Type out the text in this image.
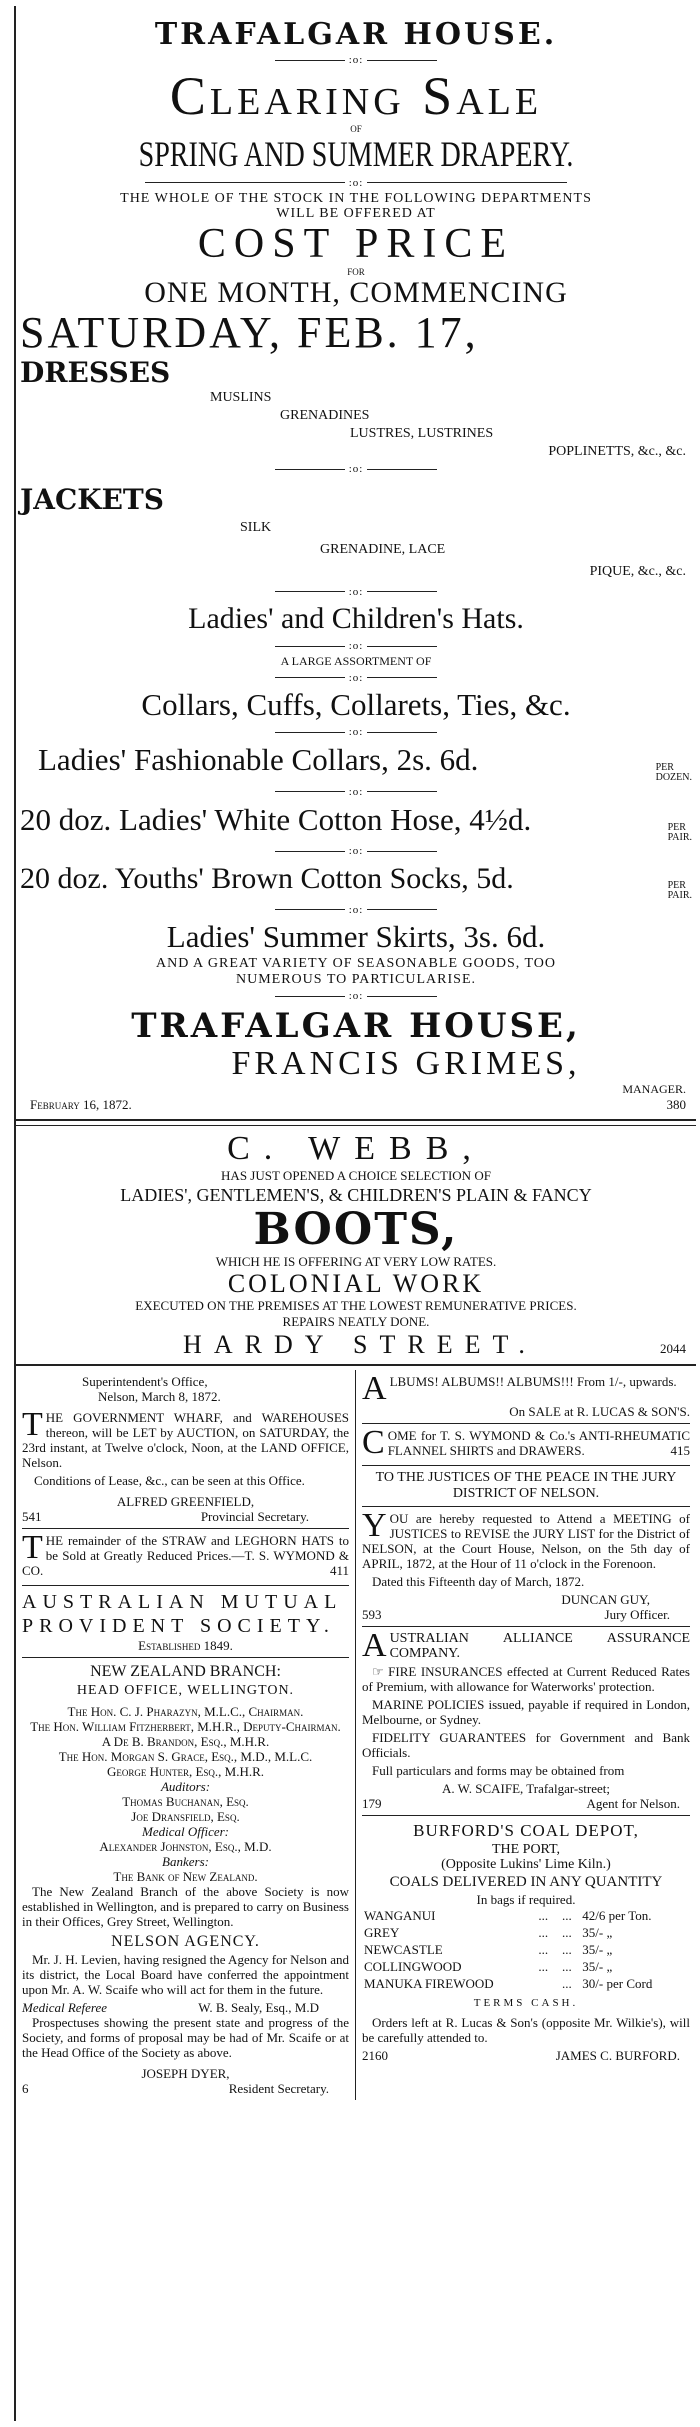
TRAFALGAR HOUSE.
:o:
Clearing Sale
OF
SPRING AND SUMMER DRAPERY.
:o:
THE WHOLE OF THE STOCK IN THE FOLLOWING DEPARTMENTS
WILL BE OFFERED AT
COST PRICE
FOR
ONE MONTH, COMMENCING
SATURDAY, FEB. 17,
DRESSES
MUSLINS
GRENADINES
LUSTRES, LUSTRINES
POPLINETTS, &c., &c.
:o:
JACKETS
SILK
GRENADINE, LACE
PIQUE, &c., &c.
:o:
Ladies' and Children's Hats.
:o:
A LARGE ASSORTMENT OF
:o:
Collars, Cuffs, Collarets, Ties, &c.
:o:
Ladies' Fashionable Collars, 2s. 6d.	PER
DOZEN.
:o:
20 doz. Ladies' White Cotton Hose, 4½d.	PER
PAIR.
:o:
20 doz. Youths' Brown Cotton Socks, 5d.	PER
PAIR.
:o:
Ladies' Summer Skirts, 3s. 6d.
AND A GREAT VARIETY OF SEASONABLE GOODS, TOO
NUMEROUS TO PARTICULARISE.
:o:
TRAFALGAR HOUSE,
FRANCIS GRIMES,
MANAGER.
February 16, 1872.	380
C. WEBB,
HAS JUST OPENED A CHOICE SELECTION OF
LADIES', GENTLEMEN'S, & CHILDREN'S PLAIN & FANCY
BOOTS,
WHICH HE IS OFFERING AT VERY LOW RATES.
COLONIAL WORK
EXECUTED ON THE PREMISES AT THE LOWEST REMUNERATIVE PRICES.
REPAIRS NEATLY DONE.
HARDY STREET.	2044
Superintendent's Office,
Nelson, March 8, 1872.

THE GOVERNMENT WHARF, and WAREHOUSES thereon, will be LET by AUCTION, on SATURDAY, the 23rd instant, at Twelve o'clock, Noon, at the LAND OFFICE, Nelson.

Conditions of Lease, &c., can be seen at this Office.

ALFRED GREENFIELD,
541	Provincial Secretary.

THE remainder of the STRAW and LEGHORN HATS to be Sold at Greatly Reduced Prices.—T. S. WYMOND & CO.	411

AUSTRALIAN MUTUAL
PROVIDENT SOCIETY.
Established 1849.
NEW ZEALAND BRANCH:
HEAD OFFICE, WELLINGTON.
The Hon. C. J. Pharazyn, M.L.C., Chairman.
The Hon. William Fitzherbert, M.H.R., Deputy-Chairman.
A De B. Brandon, Esq., M.H.R.
The Hon. Morgan S. Grace, Esq., M.D., M.L.C.
George Hunter, Esq., M.H.R.
Auditors:
Thomas Buchanan, Esq.
Joe Dransfield, Esq.
Medical Officer:
Alexander Johnston, Esq., M.D.
Bankers:
The Bank of New Zealand.

The New Zealand Branch of the above Society is now established in Wellington, and is prepared to carry on Business in their Offices, Grey Street, Wellington.

NELSON AGENCY.

Mr. J. H. Levien, having resigned the Agency for Nelson and its district, the Local Board have conferred the appointment upon Mr. A. W. Scaife who will act for them in the future.

Medical Referee	W. B. Sealy, Esq., M.D

Prospectuses showing the present state and progress of the Society, and forms of proposal may be had of Mr. Scaife or at the Head Office of the Society as above.

JOSEPH DYER,
6	Resident Secretary.

ALBUMS! ALBUMS!! ALBUMS!!! From 1/-, upwards.

On SALE at R. LUCAS & SON'S.

COME for T. S. WYMOND & Co.'s ANTI-RHEUMATIC FLANNEL SHIRTS and DRAWERS.	415

TO THE JUSTICES OF THE PEACE IN THE JURY DISTRICT OF NELSON.

YOU are hereby requested to Attend a MEETING of JUSTICES to REVISE the JURY LIST for the District of NELSON, at the Court House, Nelson, on the 5th day of APRIL, 1872, at the Hour of 11 o'clock in the Forenoon.

Dated this Fifteenth day of March, 1872.

DUNCAN GUY,
593	Jury Officer.

AUSTRALIAN ALLIANCE ASSURANCE COMPANY.

☞ FIRE INSURANCES effected at Current Reduced Rates of Premium, with allowance for Waterworks' protection.

MARINE POLICIES issued, payable if required in London, Melbourne, or Sydney.

FIDELITY GUARANTEES for Government and Bank Officials.

Full particulars and forms may be obtained from

A. W. SCAIFE, Trafalgar-street;
179	Agent for Nelson.
BURFORD'S COAL DEPOT,
THE PORT,
(Opposite Lukins' Lime Kiln.)
COALS DELIVERED IN ANY QUANTITY
In bags if required.
WANGANUI	...	...	42/6 per Ton.
GREY	...	...	35/- „
NEWCASTLE	...	...	35/- „
COLLINGWOOD	...	...	35/- „
MANUKA FIREWOOD		...	30/- per Cord
TERMS CASH.

Orders left at R. Lucas & Son's (opposite Mr. Wilkie's), will be carefully attended to.

2160	JAMES C. BURFORD.
